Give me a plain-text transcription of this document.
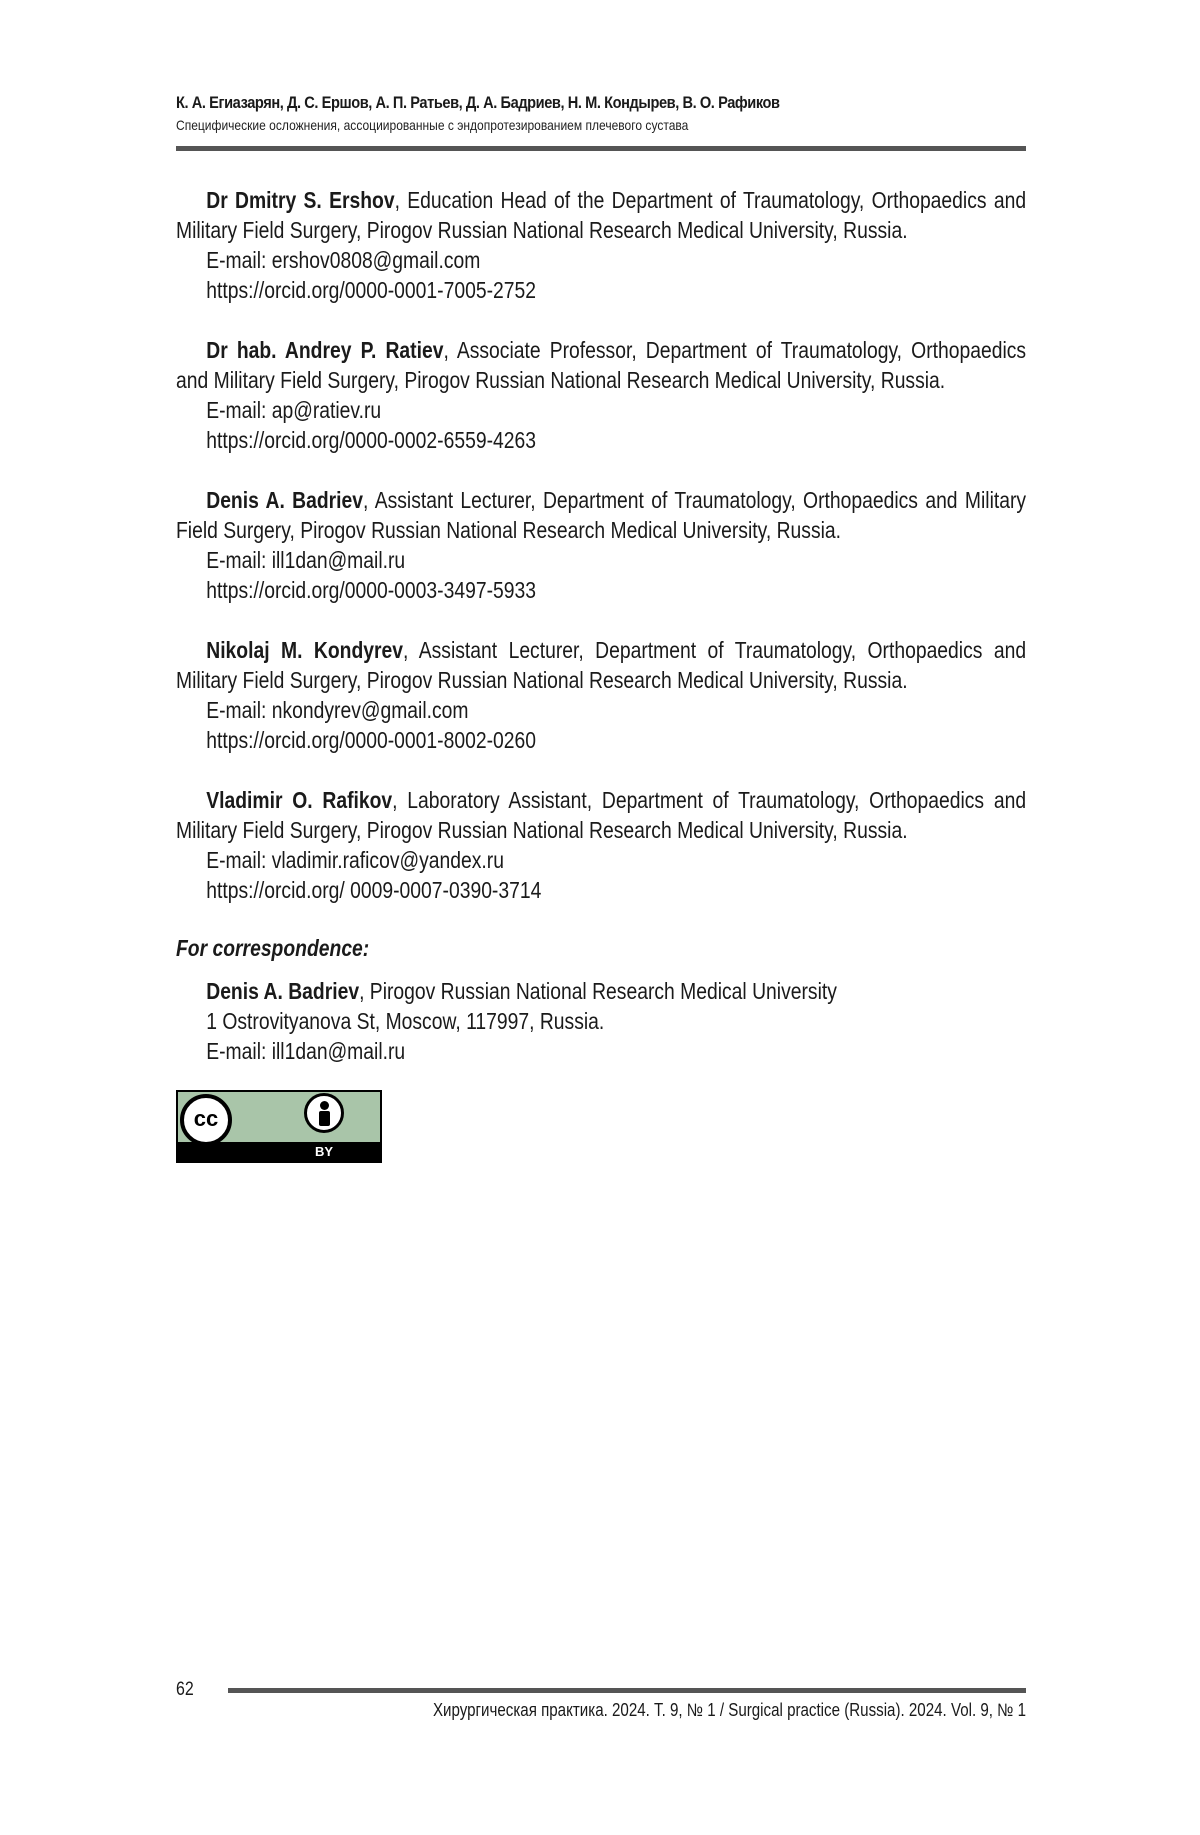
К. А. Егиазарян, Д. С. Ершов, А. П. Ратьев, Д. А. Бадриев, Н. М. Кондырев, В. О. Рафиков
Специфические осложнения, ассоциированные с эндопротезированием плечевого сустава

Dr Dmitry S. Ershov, Education Head of the Department of Traumatology, Orthopaedics and Military Field Surgery, Pirogov Russian National Research Medical University, Russia.

E-mail: ershov0808@gmail.com

https://orcid.org/0000-0001-7005-2752

Dr hab. Andrey P. Ratiev, Associate Professor, Department of Traumatology, Orthopaedics and Military Field Surgery, Pirogov Russian National Research Medical University, Russia.

E-mail: ap@ratiev.ru

https://orcid.org/0000-0002-6559-4263

Denis A. Badriev, Assistant Lecturer, Department of Traumatology, Orthopaedics and Military Field Surgery, Pirogov Russian National Research Medical University, Russia.

E-mail: ill1dan@mail.ru

https://orcid.org/0000-0003-3497-5933

Nikolaj M. Kondyrev, Assistant Lecturer, Department of Traumatology, Orthopaedics and Military Field Surgery, Pirogov Russian National Research Medical University, Russia.

E-mail: nkondyrev@gmail.com

https://orcid.org/0000-0001-8002-0260

Vladimir O. Rafikov, Laboratory Assistant, Department of Traumatology, Orthopaedics and Military Field Surgery, Pirogov Russian National Research Medical University, Russia.

E-mail: vladimir.raficov@yandex.ru

https://orcid.org/ 0009-0007-0390-3714

For correspondence:

Denis A. Badriev, Pirogov Russian National Research Medical University

1 Ostrovityanova St, Moscow, 117997, Russia.

E-mail: ill1dan@mail.ru

cc
BY
62
Хирургическая практика. 2024. Т. 9, № 1 / Surgical practice (Russia). 2024. Vol. 9, № 1
